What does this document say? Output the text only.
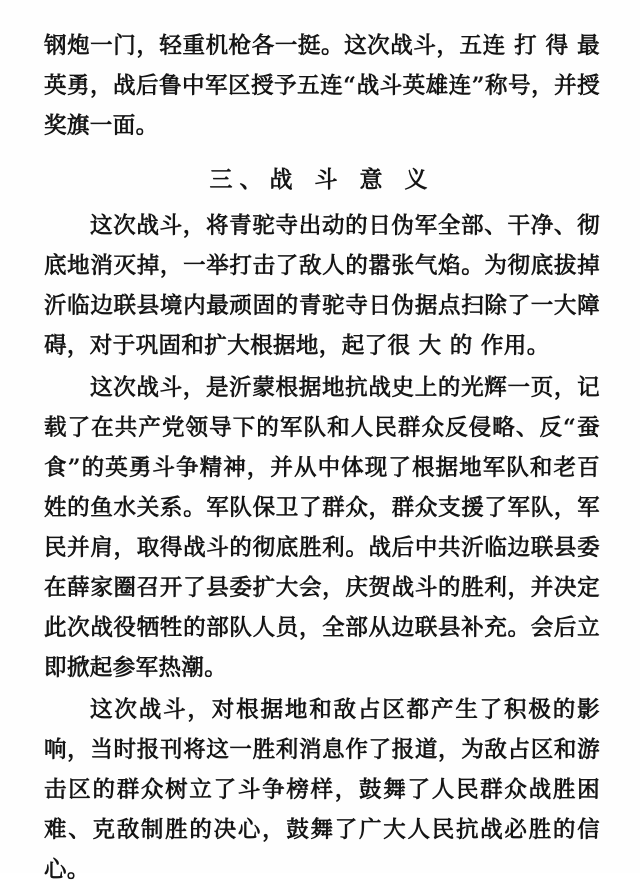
钢炮一门，轻重机枪各一挺。这次战斗，五连 打 得 最英勇，战后鲁中军区授予五连“战斗英雄连”称号，并授奖旗一面。

三、战 斗 意 义

这次战斗，将青驼寺出动的日伪军全部、干净、彻底地消灭掉，一举打击了敌人的嚣张气焰。为彻底拔掉沂临边联县境内最顽固的青驼寺日伪据点扫除了一大障碍，对于巩固和扩大根据地，起了很 大 的 作用。

这次战斗，是沂蒙根据地抗战史上的光辉一页，记载了在共产党领导下的军队和人民群众反侵略、反“蚕食”的英勇斗争精神，并从中体现了根据地军队和老百姓的鱼水关系。军队保卫了群众，群众支援了军队，军民并肩，取得战斗的彻底胜利。战后中共沂临边联县委在薛家圈召开了县委扩大会，庆贺战斗的胜利，并决定此次战役牺牲的部队人员，全部从边联县补充。会后立即掀起参军热潮。

这次战斗，对根据地和敌占区都产生了积极的影响，当时报刊将这一胜利消息作了报道，为敌占区和游击区的群众树立了斗争榜样，鼓舞了人民群众战胜困难、克敌制胜的决心，鼓舞了广大人民抗战必胜的信心。
